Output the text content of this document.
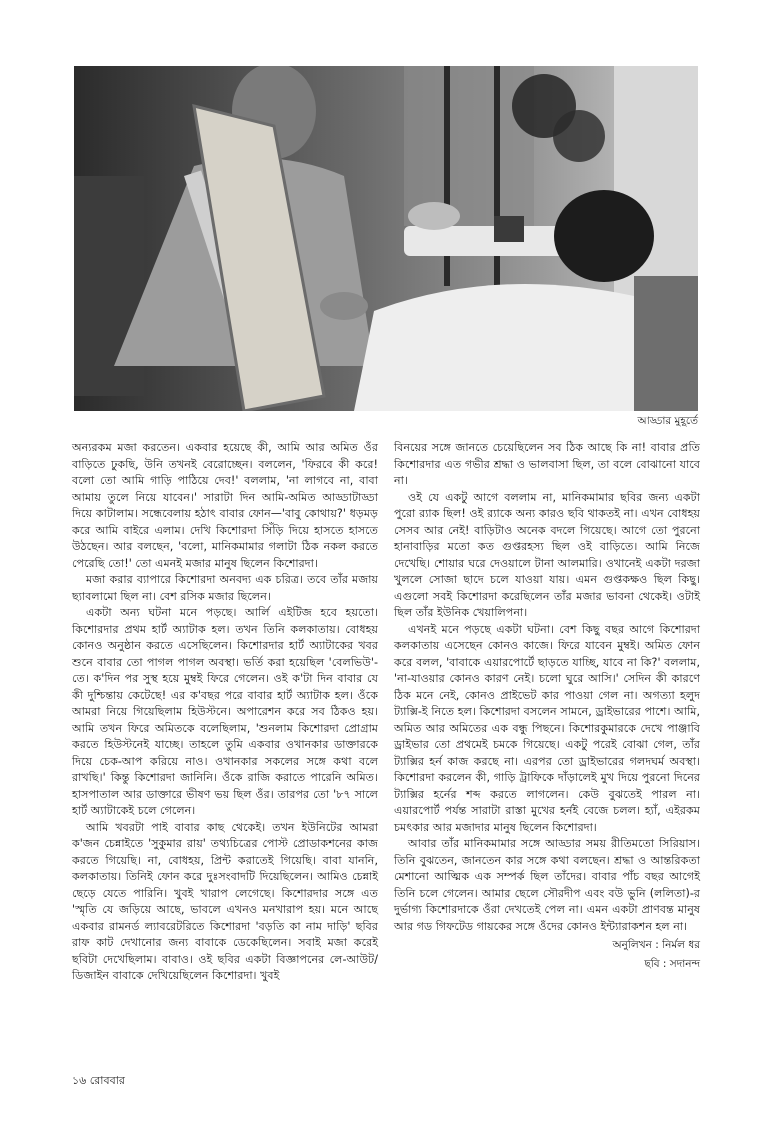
আড্ডার মুহূর্তে

অন্যরকম মজা করতেন। একবার হয়েছে কী, আমি আর অমিত ওঁর বাড়িতে ঢুকছি, উনি তখনই বেরোচ্ছেন। বললেন, 'ফিরবে কী করে! বলো তো আমি গাড়ি পাঠিয়ে দেব!' বললাম, 'না লাগবে না, বাবা আমায় তুলে নিয়ে যাবেন।' সারাটা দিন আমি-অমিত আড্ডাটাড্ডা দিয়ে কাটালাম। সন্ধেবেলায় হঠাৎ বাবার ফোন—'বাবু কোথায়?' ধড়মড় করে আমি বাইরে এলাম। দেখি কিশোরদা সিঁড়ি দিয়ে হাসতে হাসতে উঠছেন। আর বলছেন, 'বলো, মানিকমামার গলাটা ঠিক নকল করতে পেরেছি তো!' তো এমনই মজার মানুষ ছিলেন কিশোরদা।

মজা করার ব্যাপারে কিশোরদা অনবদ্য এক চরিত্র। তবে তাঁর মজায় ছ্যাবলামো ছিল না। বেশ রসিক মজার ছিলেন।

একটা অন্য ঘটনা মনে পড়ছে। আর্লি এইটিজ হবে হয়তো। কিশোরদার প্রথম হার্ট অ্যাটাক হল। তখন তিনি কলকাতায়। বোধহয় কোনও অনুষ্ঠান করতে এসেছিলেন। কিশোরদার হার্ট অ্যাটাকের খবর শুনে বাবার তো পাগল পাগল অবস্থা। ভর্তি করা হয়েছিল 'বেলভিউ'-তে। ক'দিন পর সুস্থ হয়ে মুম্বই ফিরে গেলেন। ওই ক'টা দিন বাবার যে কী দুশ্চিন্তায় কেটেছে! এর ক'বছর পরে বাবার হার্ট অ্যাটাক হল। ওঁকে আমরা নিয়ে গিয়েছিলাম হিউস্টনে। অপারেশন করে সব ঠিকও হয়। আমি তখন ফিরে অমিতকে বলেছিলাম, 'শুনলাম কিশোরদা প্রোগ্রাম করতে হিউস্টনেই যাচ্ছে। তাহলে তুমি একবার ওখানকার ডাক্তারকে দিয়ে চেক-আপ করিয়ে নাও। ওখানকার সকলের সঙ্গে কথা বলে রাখছি।' কিন্তু কিশোরদা জানিনি। ওঁকে রাজি করাতে পারেনি অমিত। হাসপাতাল আর ডাক্তারে ভীষণ ভয় ছিল ওঁর। তারপর তো '৮৭ সালে হার্ট অ্যাটাকেই চলে গেলেন।

আমি খবরটা পাই বাবার কাছ থেকেই। তখন ইউনিটের আমরা ক'জন চেন্নাইতে 'সুকুমার রায়' তথ্যচিত্রের পোস্ট প্রোডাকশনের কাজ করতে গিয়েছি। না, বোধহয়, প্রিন্ট করাতেই গিয়েছি। বাবা যাননি, কলকাতায়। তিনিই ফোন করে দুঃসংবাদটি দিয়েছিলেন। আমিও চেন্নাই ছেড়ে যেতে পারিনি। খুবই খারাপ লেগেছে। কিশোরদার সঙ্গে এত 'স্মৃতি যে জড়িয়ে আছে, ভাবলে এখনও মনখারাপ হয়। মনে আছে একবার রামনর্ড ল্যাবরেটরিতে কিশোরদা 'বড়তি কা নাম দাড়ি' ছবির রাফ কাট দেখানোর জন্য বাবাকে ডেকেছিলেন। সবাই মজা করেই ছবিটা দেখেছিলাম। বাবাও। ওই ছবির একটা বিজ্ঞাপনের লে-আউট/ডিজাইন বাবাকে দেখিয়েছিলেন কিশোরদা। খুবই

বিনয়ের সঙ্গে জানতে চেয়েছিলেন সব ঠিক আছে কি না! বাবার প্রতি কিশোরদার এত গভীর শ্রদ্ধা ও ভালবাসা ছিল, তা বলে বোঝানো যাবে না।

ওই যে একটু আগে বললাম না, মানিকমামার ছবির জন্য একটা পুরো র‍্যাক ছিল! ওই র‍্যাকে অন্য কারও ছবি থাকতই না। এখন বোধহয় সেসব আর নেই! বাড়িটাও অনেক বদলে গিয়েছে। আগে তো পুরনো হানাবাড়ির মতো কত গুপ্তরহস্য ছিল ওই বাড়িতে। আমি নিজে দেখেছি। শোয়ার ঘরে দেওয়ালে টানা আলমারি। ওখানেই একটা দরজা খুললে সোজা ছাদে চলে যাওয়া যায়। এমন গুপ্তকক্ষও ছিল কিছু। এগুলো সবই কিশোরদা করেছিলেন তাঁর মজার ভাবনা থেকেই। ওটাই ছিল তাঁর ইউনিক খেয়ালিপনা।

এখনই মনে পড়ছে একটা ঘটনা। বেশ কিছু বছর আগে কিশোরদা কলকাতায় এসেছেন কোনও কাজে। ফিরে যাবেন মুম্বই। অমিত ফোন করে বলল, 'বাবাকে এয়ারপোর্টে ছাড়তে যাচ্ছি, যাবে না কি?' বললাম, 'না-যাওয়ার কোনও কারণ নেই। চলো ঘুরে আসি।' সেদিন কী কারণে ঠিক মনে নেই, কোনও প্রাইভেট কার পাওয়া গেল না। অগত্যা হলুদ ট্যাক্সি-ই নিতে হল। কিশোরদা বসলেন সামনে, ড্রাইভারের পাশে। আমি, অমিত আর অমিতের এক বন্ধু পিছনে। কিশোরকুমারকে দেখে পাঞ্জাবি ড্রাইভার তো প্রথমেই চমকে গিয়েছে। একটু পরেই বোঝা গেল, তাঁর ট্যাক্সির হর্ন কাজ করছে না। এরপর তো ড্রাইভারের গলদঘর্ম অবস্থা। কিশোরদা করলেন কী, গাড়ি ট্রাফিকে দাঁড়ালেই মুখ দিয়ে পুরনো দিনের ট্যাক্সির হর্নের শব্দ করতে লাগলেন। কেউ বুঝতেই পারল না। এয়ারপোর্ট পর্যন্ত সারাটা রাস্তা মুখের হর্নই বেজে চলল। হ্যাঁ, এইরকম চমৎকার আর মজাদার মানুষ ছিলেন কিশোরদা।

আবার তাঁর মানিকমামার সঙ্গে আড্ডার সময় রীতিমতো সিরিয়াস। তিনি বুঝতেন, জানতেন কার সঙ্গে কথা বলছেন। শ্রদ্ধা ও আন্তরিকতা মেশানো আত্মিক এক সম্পর্ক ছিল তাঁদের। বাবার পাঁচ বছর আগেই তিনি চলে গেলেন। আমার ছেলে সৌরদীপ এবং বউ ভুনি (ললিতা)-র দুর্ভাগ্য কিশোরদাকে ওঁরা দেখতেই পেল না। এমন একটা প্রাণবন্ত মানুষ আর গড গিফটেড গায়কের সঙ্গে ওঁদের কোনও ইন্ট্যারাকশন হল না।

অনুলিখন : নির্মল ধর
ছবি : সদানন্দ
১৬ রোববার
